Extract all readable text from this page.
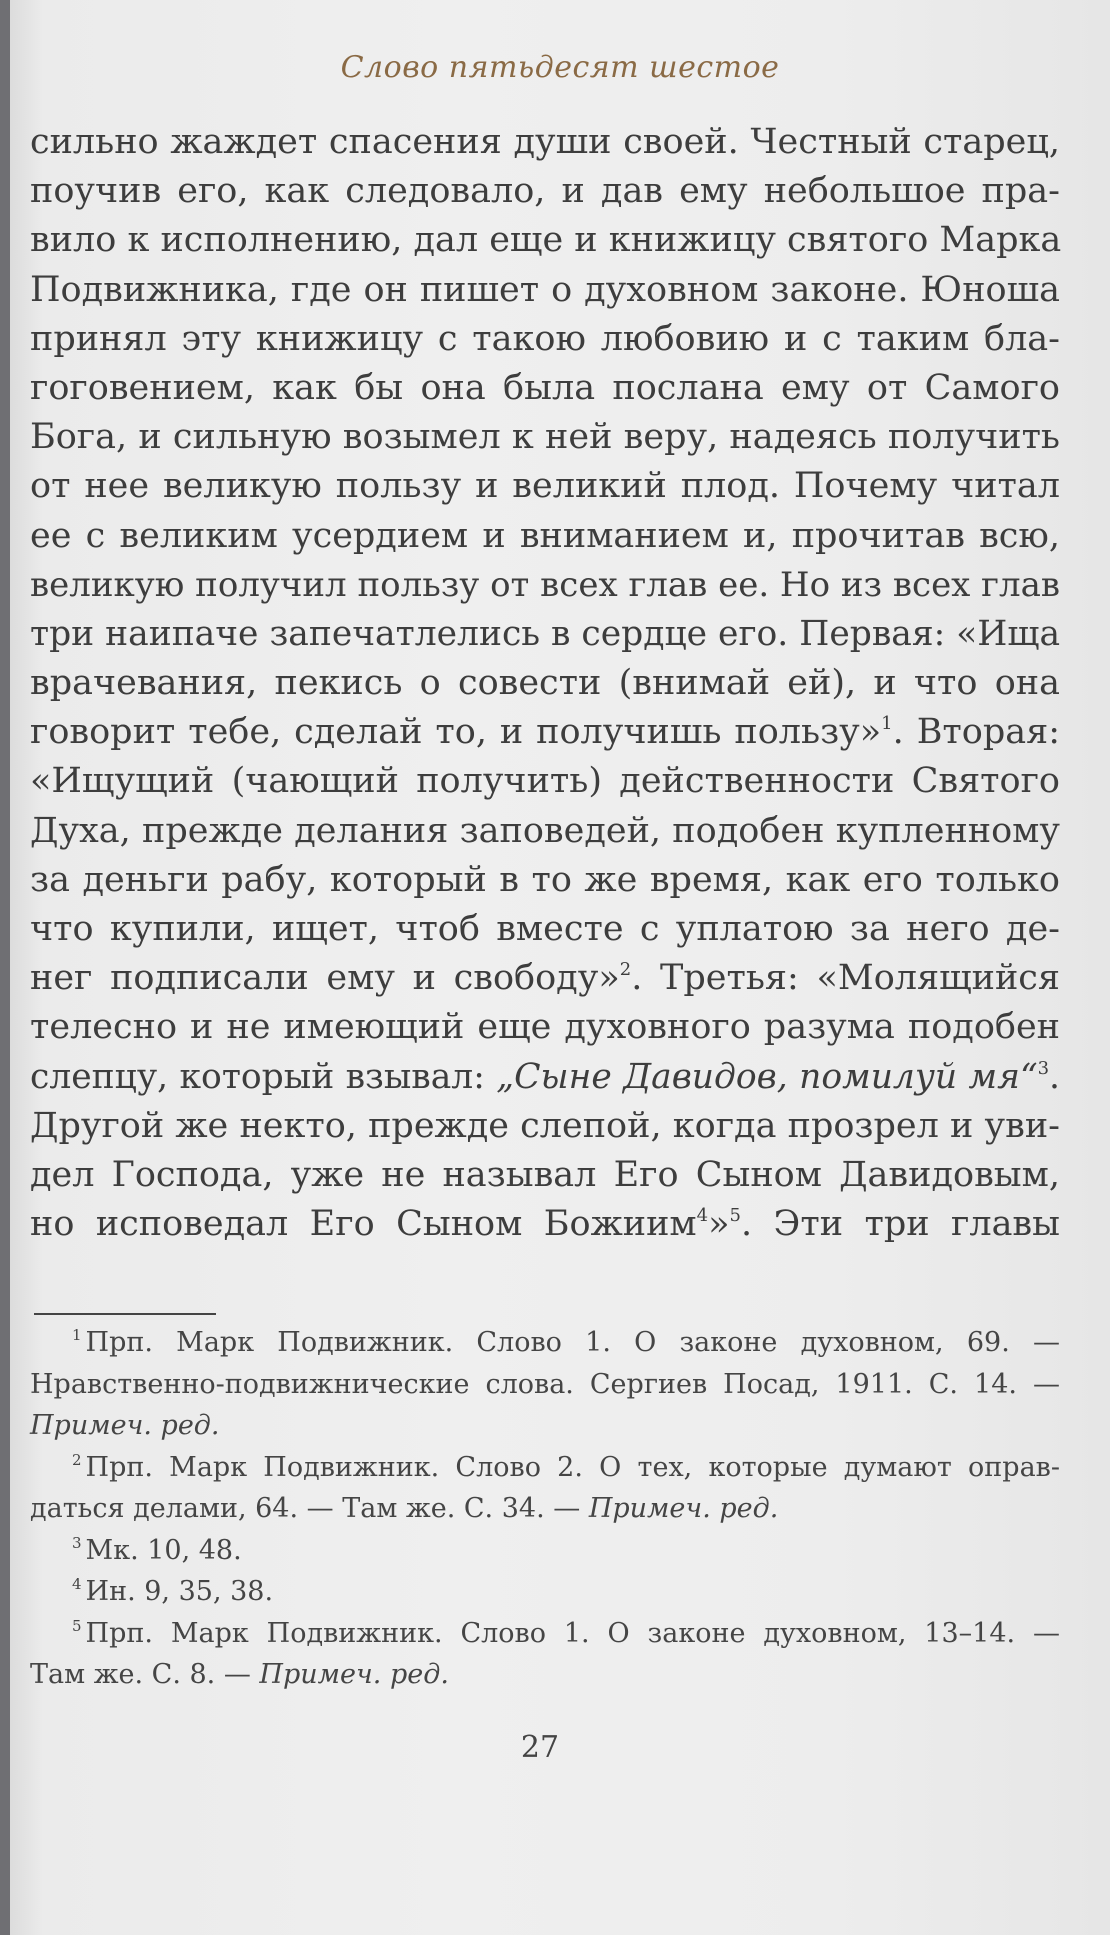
Слово пятьдесят шестое
сильно жаждет спасения души своей. Честный старец,
поучив его, как следовало, и дав ему небольшое пра-
вило к исполнению, дал еще и книжицу святого Марка
Подвижника, где он пишет о духовном законе. Юноша
принял эту книжицу с такою любовию и с таким бла-
гоговением, как бы она была послана ему от Самого
Бога, и сильную возымел к ней веру, надеясь получить
от нее великую пользу и великий плод. Почему читал
ее с великим усердием и вниманием и, прочитав всю,
великую получил пользу от всех глав ее. Но из всех глав
три наипаче запечатлелись в сердце его. Первая: «Ища
врачевания, пекись о совести (внимай ей), и что она
говорит тебе, сделай то, и получишь пользу»$^1$. Вторая:
«Ищущий (чающий получить) действенности Святого
Духа, прежде делания заповедей, подобен купленному
за деньги рабу, который в то же время, как его только
что купили, ищет, чтоб вместе с уплатою за него де-
нег подписали ему и свободу»$^2$. Третья: «Молящийся
телесно и не имеющий еще духовного разума подобен
слепцу, который взывал: „Сыне Давидов, помилуй мя“$^3$.
Другой же некто, прежде слепой, когда прозрел и уви-
дел Господа, уже не называл Его Сыном Давидовым,
но исповедал Его Сыном Божиим$^4$»$^5$. Эти три главы
$^1$ Прп. Марк Подвижник. Слово 1. О законе духовном, 69. —
Нравственно-подвижнические слова. Сергиев Посад, 1911. С. 14. —
Примеч. ред.
$^2$ Прп. Марк Подвижник. Слово 2. О тех, которые думают оправ-
даться делами, 64. — Там же. С. 34. — Примеч. ред.
$^3$ Мк. 10, 48.
$^4$ Ин. 9, 35, 38.
$^5$ Прп. Марк Подвижник. Слово 1. О законе духовном, 13–14. —
Там же. С. 8. — Примеч. ред.
27
